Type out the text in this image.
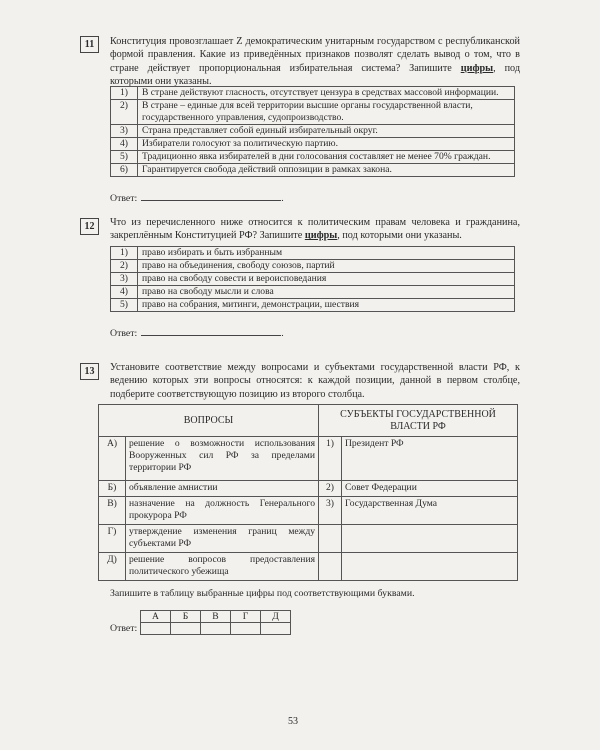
11	Конституция провозглашает Z демократическим унитарным государством с республиканской формой правления. Какие из приведённых признаков позволят сделать вывод о том, что в стране действует пропорциональная избирательная система? Запишите цифры, под которыми они указаны.
1)	В стране действуют гласность, отсутствует цензура в средствах массовой информации.
2)	В стране – единые для всей территории высшие органы государственной власти, государственного управления, судопроизводство.
3)	Страна представляет собой единый избирательный округ.
4)	Избиратели голосуют за политическую партию.
5)	Традиционно явка избирателей в дни голосования составляет не менее 70% граждан.
6)	Гарантируется свобода действий оппозиции в рамках закона.
Ответ:	.
12	Что из перечисленного ниже относится к политическим правам человека и гражданина, закреплённым Конституцией РФ? Запишите цифры, под которыми они указаны.
1)	право избирать и быть избранным
2)	право на объединения, свободу союзов, партий
3)	право на свободу совести и вероисповедания
4)	право на свободу мысли и слова
5)	право на собрания, митинги, демонстрации, шествия
Ответ:	.
13	Установите соответствие между вопросами и субъектами государственной власти РФ, к ведению которых эти вопросы относятся: к каждой позиции, данной в первом столбце, подберите соответствующую позицию из второго столбца.
ВОПРОСЫ		СУБЪЕКТЫ ГОСУДАРСТВЕННОЙ ВЛАСТИ РФ	
А)	решение о возможности использования Вооруженных сил РФ за пределами территории РФ	1)	Президент РФ
Б)	объявление амнистии	2)	Совет Федерации
В)	назначение на должность Генерального прокурора РФ	3)	Государственная Дума
Г)	утверждение изменения границ между субъектами РФ		
Д)	решение вопросов предоставления политического убежища		
Запишите в таблицу выбранные цифры под соответствующими буквами.
Ответ:
А	Б	В	Г	Д

53
